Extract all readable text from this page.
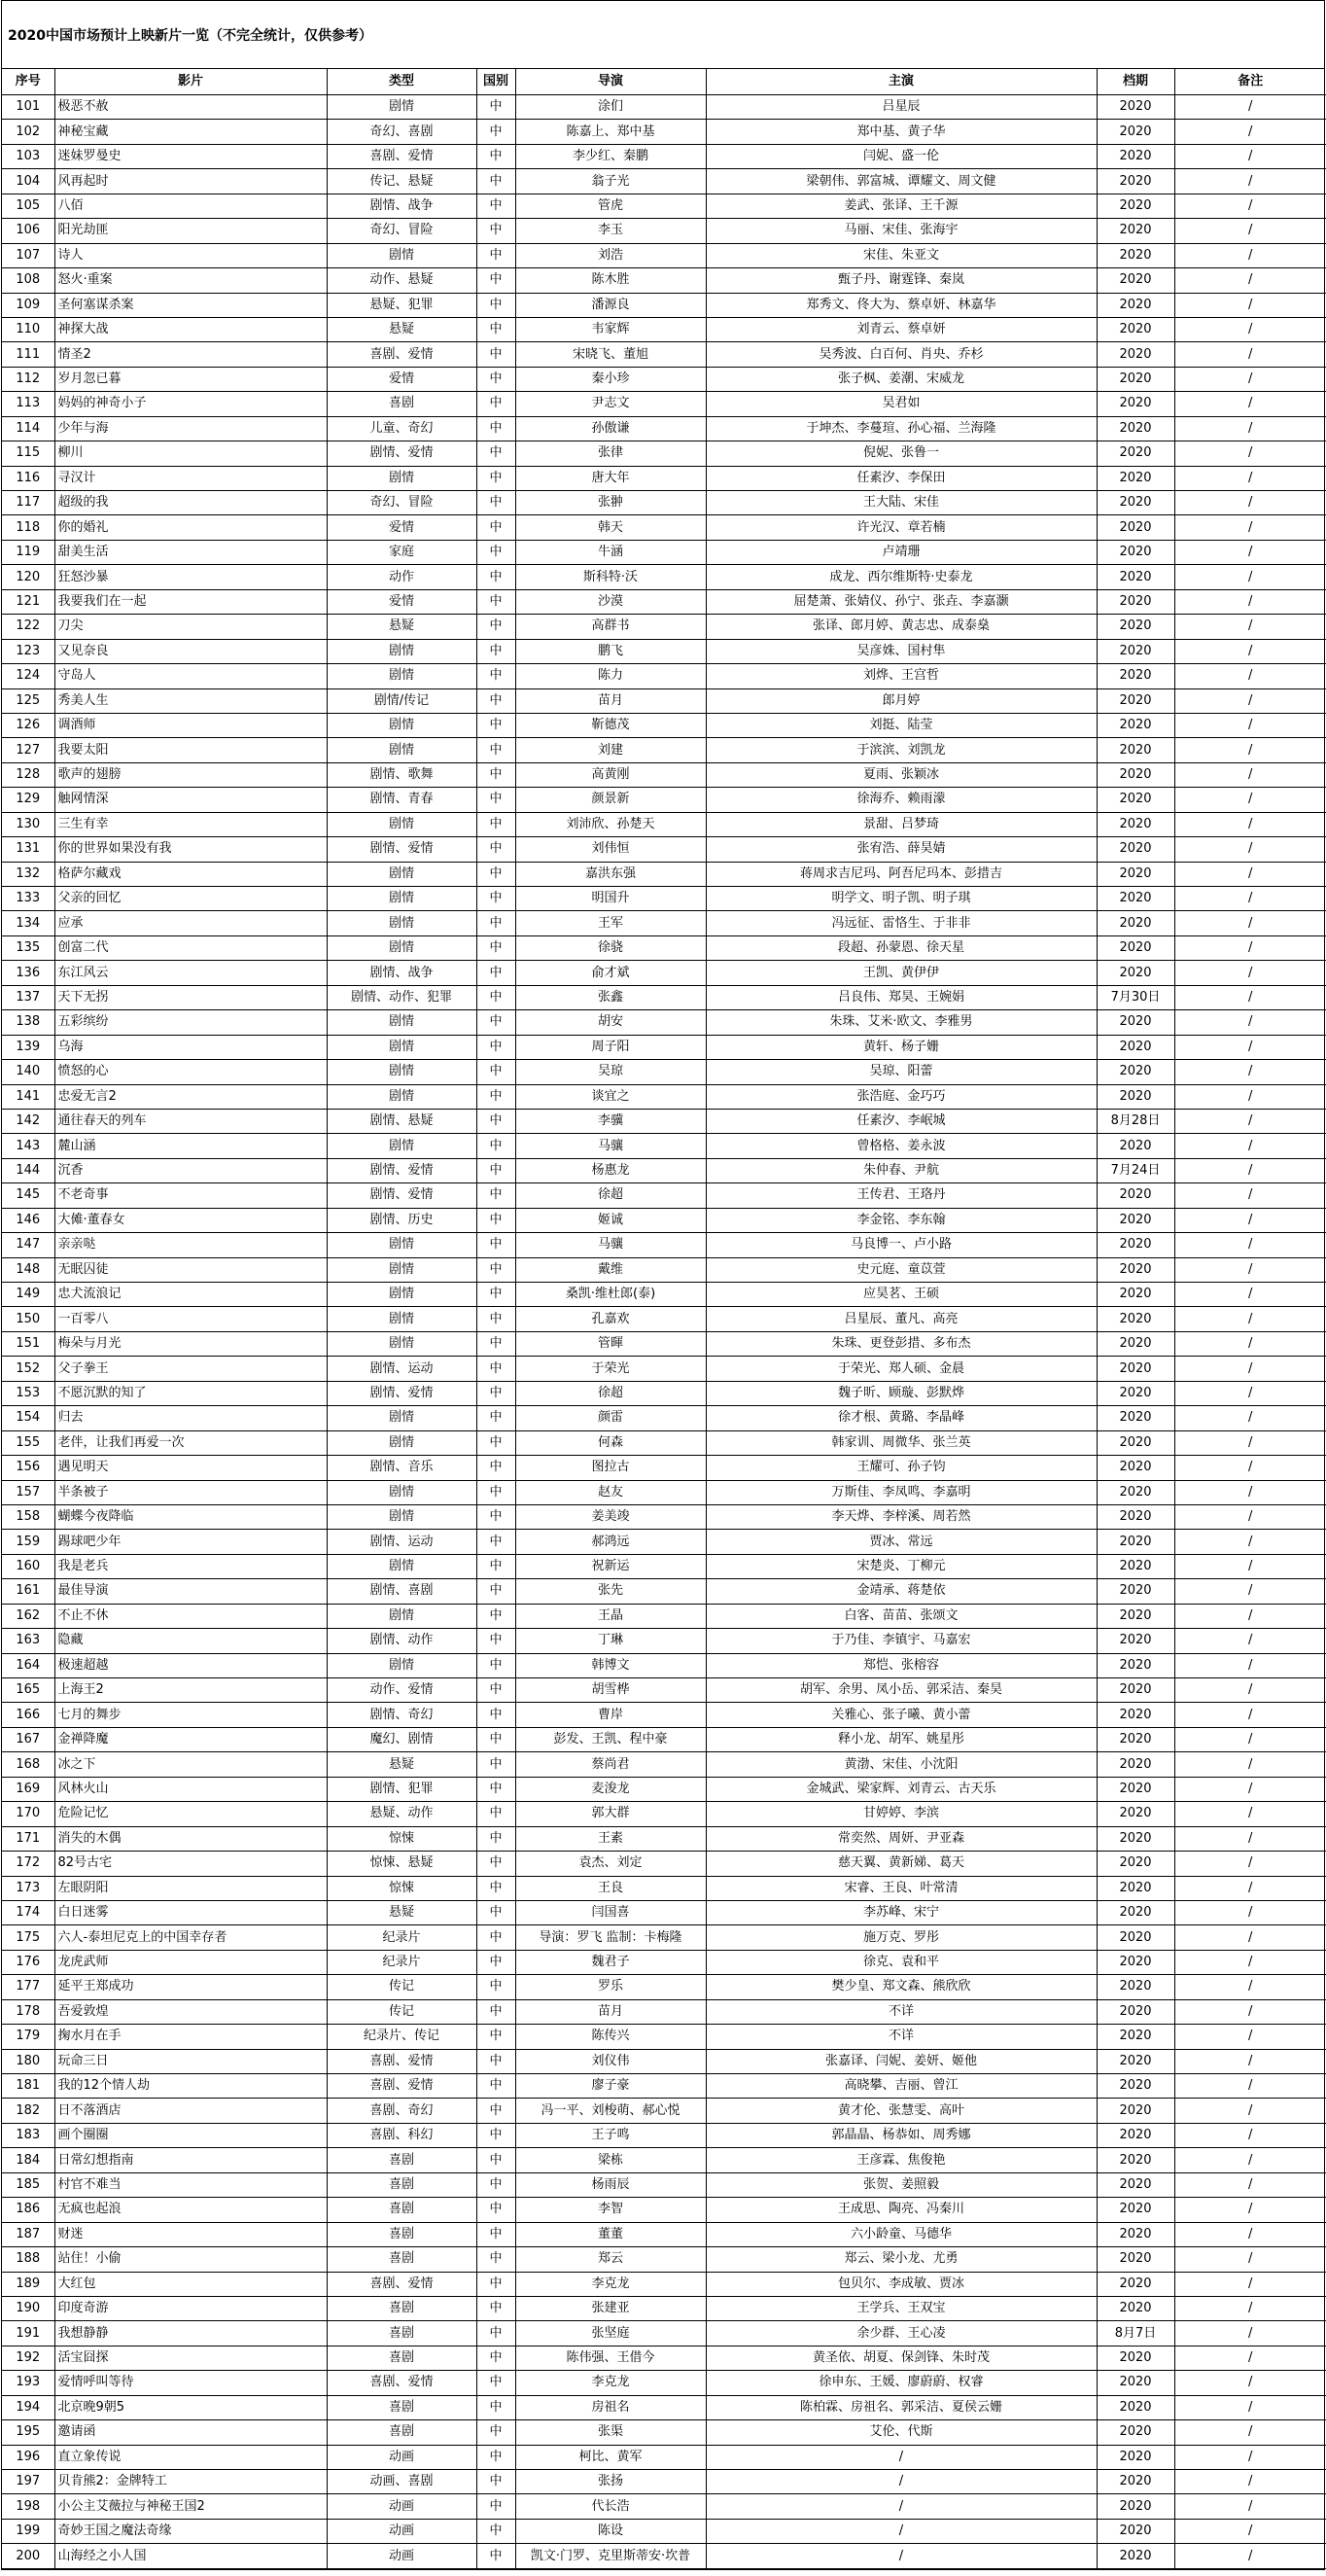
2020中国市场预计上映新片一览（不完全统计，仅供参考）
序号	影片	类型	国别	导演	主演	档期	备注
101	极恶不赦	剧情	中	涂们	吕星辰	2020	/
102	神秘宝藏	奇幻、喜剧	中	陈嘉上、郑中基	郑中基、黄子华	2020	/
103	迷妹罗曼史	喜剧、爱情	中	李少红、秦鹏	闫妮、盛一伦	2020	/
104	风再起时	传记、悬疑	中	翁子光	梁朝伟、郭富城、谭耀文、周文健	2020	/
105	八佰	剧情、战争	中	管虎	姜武、张译、王千源	2020	/
106	阳光劫匪	奇幻、冒险	中	李玉	马丽、宋佳、张海宇	2020	/
107	诗人	剧情	中	刘浩	宋佳、朱亚文	2020	/
108	怒火·重案	动作、悬疑	中	陈木胜	甄子丹、谢霆锋、秦岚	2020	/
109	圣何塞谋杀案	悬疑、犯罪	中	潘源良	郑秀文、佟大为、蔡卓妍、林嘉华	2020	/
110	神探大战	悬疑	中	韦家辉	刘青云、蔡卓妍	2020	/
111	情圣2	喜剧、爱情	中	宋晓飞、董旭	吴秀波、白百何、肖央、乔杉	2020	/
112	岁月忽已暮	爱情	中	秦小珍	张子枫、姜潮、宋威龙	2020	/
113	妈妈的神奇小子	喜剧	中	尹志文	吴君如	2020	/
114	少年与海	儿童、奇幻	中	孙傲谦	于坤杰、李蔓瑄、孙心福、兰海隆	2020	/
115	柳川	剧情、爱情	中	张律	倪妮、张鲁一	2020	/
116	寻汉计	剧情	中	唐大年	任素汐、李保田	2020	/
117	超级的我	奇幻、冒险	中	张翀	王大陆、宋佳	2020	/
118	你的婚礼	爱情	中	韩天	许光汉、章若楠	2020	/
119	甜美生活	家庭	中	牛涵	卢靖珊	2020	/
120	狂怒沙暴	动作	中	斯科特·沃	成龙、西尔维斯特·史泰龙	2020	/
121	我要我们在一起	爱情	中	沙漠	屈楚萧、张婧仪、孙宁、张垚、李嘉灏	2020	/
122	刀尖	悬疑	中	高群书	张译、郎月婷、黄志忠、成泰燊	2020	/
123	又见奈良	剧情	中	鹏飞	吴彦姝、国村隼	2020	/
124	守岛人	剧情	中	陈力	刘烨、王宫哲	2020	/
125	秀美人生	剧情/传记	中	苗月	郎月婷	2020	/
126	调酒师	剧情	中	靳德茂	刘挺、陆莹	2020	/
127	我要太阳	剧情	中	刘建	于滨滨、刘凯龙	2020	/
128	歌声的翅膀	剧情、歌舞	中	高黄刚	夏雨、张颖冰	2020	/
129	触网情深	剧情、青春	中	颜景新	徐海乔、赖雨濛	2020	/
130	三生有幸	剧情	中	刘沛欣、孙楚天	景甜、吕梦琦	2020	/
131	你的世界如果没有我	剧情、爱情	中	刘伟恒	张宥浩、薛昊婧	2020	/
132	格萨尔藏戏	剧情	中	嘉洪东强	蒋周求吉尼玛、阿吾尼玛本、彭措吉	2020	/
133	父亲的回忆	剧情	中	明国升	明学文、明子凯、明子琪	2020	/
134	应承	剧情	中	王军	冯远征、雷恪生、于非非	2020	/
135	创富二代	剧情	中	徐骁	段超、孙蒙恩、徐天星	2020	/
136	东江风云	剧情、战争	中	俞才斌	王凯、黄伊伊	2020	/
137	天下无拐	剧情、动作、犯罪	中	张鑫	吕良伟、郑昊、王婉娟	7月30日	/
138	五彩缤纷	剧情	中	胡安	朱珠、艾米·欧文、李雅男	2020	/
139	乌海	剧情	中	周子阳	黄轩、杨子姗	2020	/
140	愤怒的心	剧情	中	吴琼	吴琼、阳蕾	2020	/
141	忠爱无言2	剧情	中	谈宜之	张浩庭、金巧巧	2020	/
142	通往春天的列车	剧情、悬疑	中	李骥	任素汐、李岷城	8月28日	/
143	麓山涵	剧情	中	马骧	曾格格、姜永波	2020	/
144	沉香	剧情、爱情	中	杨惠龙	朱仲春、尹航	7月24日	/
145	不老奇事	剧情、爱情	中	徐超	王传君、王珞丹	2020	/
146	大傩·董春女	剧情、历史	中	姬诚	李金铭、李东翰	2020	/
147	亲亲哒	剧情	中	马骧	马良博一、卢小路	2020	/
148	无眠囚徒	剧情	中	戴维	史元庭、童苡萱	2020	/
149	忠犬流浪记	剧情	中	桑凯·维杜郎(泰)	应昊茗、王硕	2020	/
150	一百零八	剧情	中	孔嘉欢	吕星辰、董凡、高亮	2020	/
151	梅朵与月光	剧情	中	管暉	朱珠、更登彭措、多布杰	2020	/
152	父子拳王	剧情、运动	中	于荣光	于荣光、郑人硕、金晨	2020	/
153	不愿沉默的知了	剧情、爱情	中	徐超	魏子昕、顾璇、彭默烨	2020	/
154	归去	剧情	中	颜雷	徐才根、黄璐、李晶峰	2020	/
155	老伴，让我们再爱一次	剧情	中	何森	韩家训、周微华、张兰英	2020	/
156	遇见明天	剧情、音乐	中	图拉古	王耀可、孙子钧	2020	/
157	半条被子	剧情	中	赵友	万斯佳、李凤鸣、李嘉明	2020	/
158	蝴蝶今夜降临	剧情	中	姜美竣	李天烨、李梓溪、周若然	2020	/
159	踢球吧少年	剧情、运动	中	郝鸿远	贾冰、常远	2020	/
160	我是老兵	剧情	中	祝新运	宋楚炎、丁柳元	2020	/
161	最佳导演	剧情、喜剧	中	张先	金靖承、蒋楚依	2020	/
162	不止不休	剧情	中	王晶	白客、苗苗、张颂文	2020	/
163	隐藏	剧情、动作	中	丁琳	于乃佳、李镇宇、马嘉宏	2020	/
164	极速超越	剧情	中	韩博文	郑恺、张榕容	2020	/
165	上海王2	动作、爱情	中	胡雪桦	胡军、余男、凤小岳、郭采洁、秦昊	2020	/
166	七月的舞步	剧情、奇幻	中	曹岸	关雅心、张子曦、黄小蕾	2020	/
167	金禅降魔	魔幻、剧情	中	彭发、王凯、程中豪	释小龙、胡军、姚星彤	2020	/
168	冰之下	悬疑	中	蔡尚君	黄渤、宋佳、小沈阳	2020	/
169	风林火山	剧情、犯罪	中	麦浚龙	金城武、梁家辉、刘青云、古天乐	2020	/
170	危险记忆	悬疑、动作	中	郭大群	甘婷婷、李滨	2020	/
171	消失的木偶	惊悚	中	王素	常奕然、周妍、尹亚森	2020	/
172	82号古宅	惊悚、悬疑	中	袁杰、刘定	慈天翼、黄新娣、葛天	2020	/
173	左眼阴阳	惊悚	中	王良	宋睿、王良、叶常清	2020	/
174	白日迷雾	悬疑	中	闫国喜	李苏峰、宋宁	2020	/
175	六人-泰坦尼克上的中国幸存者	纪录片	中	导演：罗飞 监制：卡梅隆	施万克、罗彤	2020	/
176	龙虎武师	纪录片	中	魏君子	徐克、袁和平	2020	/
177	延平王郑成功	传记	中	罗乐	樊少皇、郑文森、熊欣欣	2020	/
178	吾爱敦煌	传记	中	苗月	不详	2020	/
179	掬水月在手	纪录片、传记	中	陈传兴	不详	2020	/
180	玩命三日	喜剧、爱情	中	刘仪伟	张嘉译、闫妮、姜妍、姬他	2020	/
181	我的12个情人劫	喜剧、爱情	中	廖子豪	高晓攀、吉丽、曾江	2020	/
182	日不落酒店	喜剧、奇幻	中	冯一平、刘梭萌、郝心悦	黄才伦、张慧雯、高叶	2020	/
183	画个圈圈	喜剧、科幻	中	王子鸣	郭晶晶、杨恭如、周秀娜	2020	/
184	日常幻想指南	喜剧	中	梁栋	王彦霖、焦俊艳	2020	/
185	村官不难当	喜剧	中	杨雨辰	张贺、姜照毅	2020	/
186	无疯也起浪	喜剧	中	李智	王成思、陶亮、冯秦川	2020	/
187	财迷	喜剧	中	董董	六小龄童、马德华	2020	/
188	站住！小偷	喜剧	中	郑云	郑云、梁小龙、尤勇	2020	/
189	大红包	喜剧、爱情	中	李克龙	包贝尔、李成敏、贾冰	2020	/
190	印度奇游	喜剧	中	张建亚	王学兵、王双宝	2020	/
191	我想静静	喜剧	中	张坚庭	余少群、王心凌	8月7日	/
192	活宝囧探	喜剧	中	陈伟强、王借今	黄圣依、胡夏、保剑锋、朱时茂	2020	/
193	爱情呼叫等待	喜剧、爱情	中	李克龙	徐申东、王媛、廖蔚蔚、权睿	2020	/
194	北京晚9朝5	喜剧	中	房祖名	陈柏霖、房祖名、郭采洁、夏侯云姗	2020	/
195	邀请函	喜剧	中	张渠	艾伦、代斯	2020	/
196	直立象传说	动画	中	柯比、黄军	/	2020	/
197	贝肯熊2：金牌特工	动画、喜剧	中	张扬	/	2020	/
198	小公主艾薇拉与神秘王国2	动画	中	代长浩	/	2020	/
199	奇妙王国之魔法奇缘	动画	中	陈设	/	2020	/
200	山海经之小人国	动画	中	凯文·门罗、克里斯蒂安·坎普	/	2020	/
